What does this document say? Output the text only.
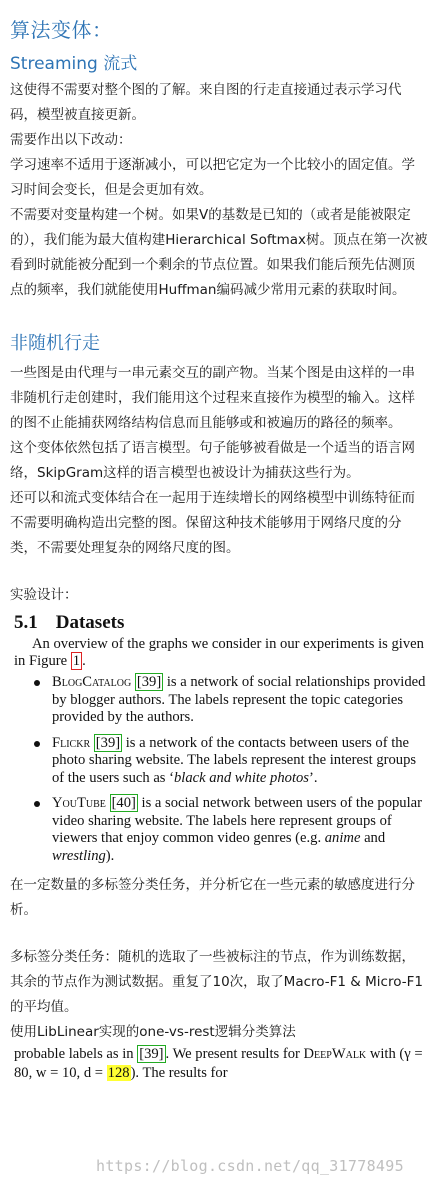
算法变体：
Streaming 流式

这使得不需要对整个图的了解。来自图的行走直接通过表示学习代码，模型被直接更新。

需要作出以下改动：

学习速率不适用于逐渐减小，可以把它定为一个比较小的固定值。学习时间会变长，但是会更加有效。

不需要对变量构建一个树。如果V的基数是已知的（或者是能被限定的），我们能为最大值构建Hierarchical Softmax树。顶点在第一次被看到时就能被分配到一个剩余的节点位置。如果我们能后预先估测顶点的频率，我们就能使用Huffman编码减少常用元素的获取时间。

非随机行走

一些图是由代理与一串元素交互的副产物。当某个图是由这样的一串非随机行走创建时，我们能用这个过程来直接作为模型的输入。这样的图不止能捕获网络结构信息而且能够或和被遍历的路径的频率。

这个变体依然包括了语言模型。句子能够被看做是一个适当的语言网络，SkipGram这样的语言模型也被设计为捕获这些行为。

还可以和流式变体结合在一起用于连续增长的网络模型中训练特征而不需要明确构造出完整的图。保留这种技术能够用于网络尺度的分类，不需要处理复杂的网络尺度的图。

实验设计：

5.1 Datasets

An overview of the graphs we consider in our experiments is given in Figure 1 .

BlogCatalog [39] is a network of social relationships provided by blogger authors. The labels represent the topic categories provided by the authors.
Flickr [39] is a network of the contacts between users of the photo sharing website. The labels represent the interest groups of the users such as ‘black and white photos’.
YouTube [40] is a social network between users of the popular video sharing website. The labels here represent groups of viewers that enjoy common video genres (e.g. anime and wrestling).

在一定数量的多标签分类任务，并分析它在一些元素的敏感度进行分析。

多标签分类任务：随机的选取了一些被标注的节点，作为训练数据，其余的节点作为测试数据。重复了10次，取了Macro-F1 & Micro-F1的平均值。

使用LibLinear实现的one-vs-rest逻辑分类算法

probable labels as in [39] . We present results for DeepWalk with (γ = 80, w = 10, d = 128). The results for

https://blog.csdn.net/qq_31778495
